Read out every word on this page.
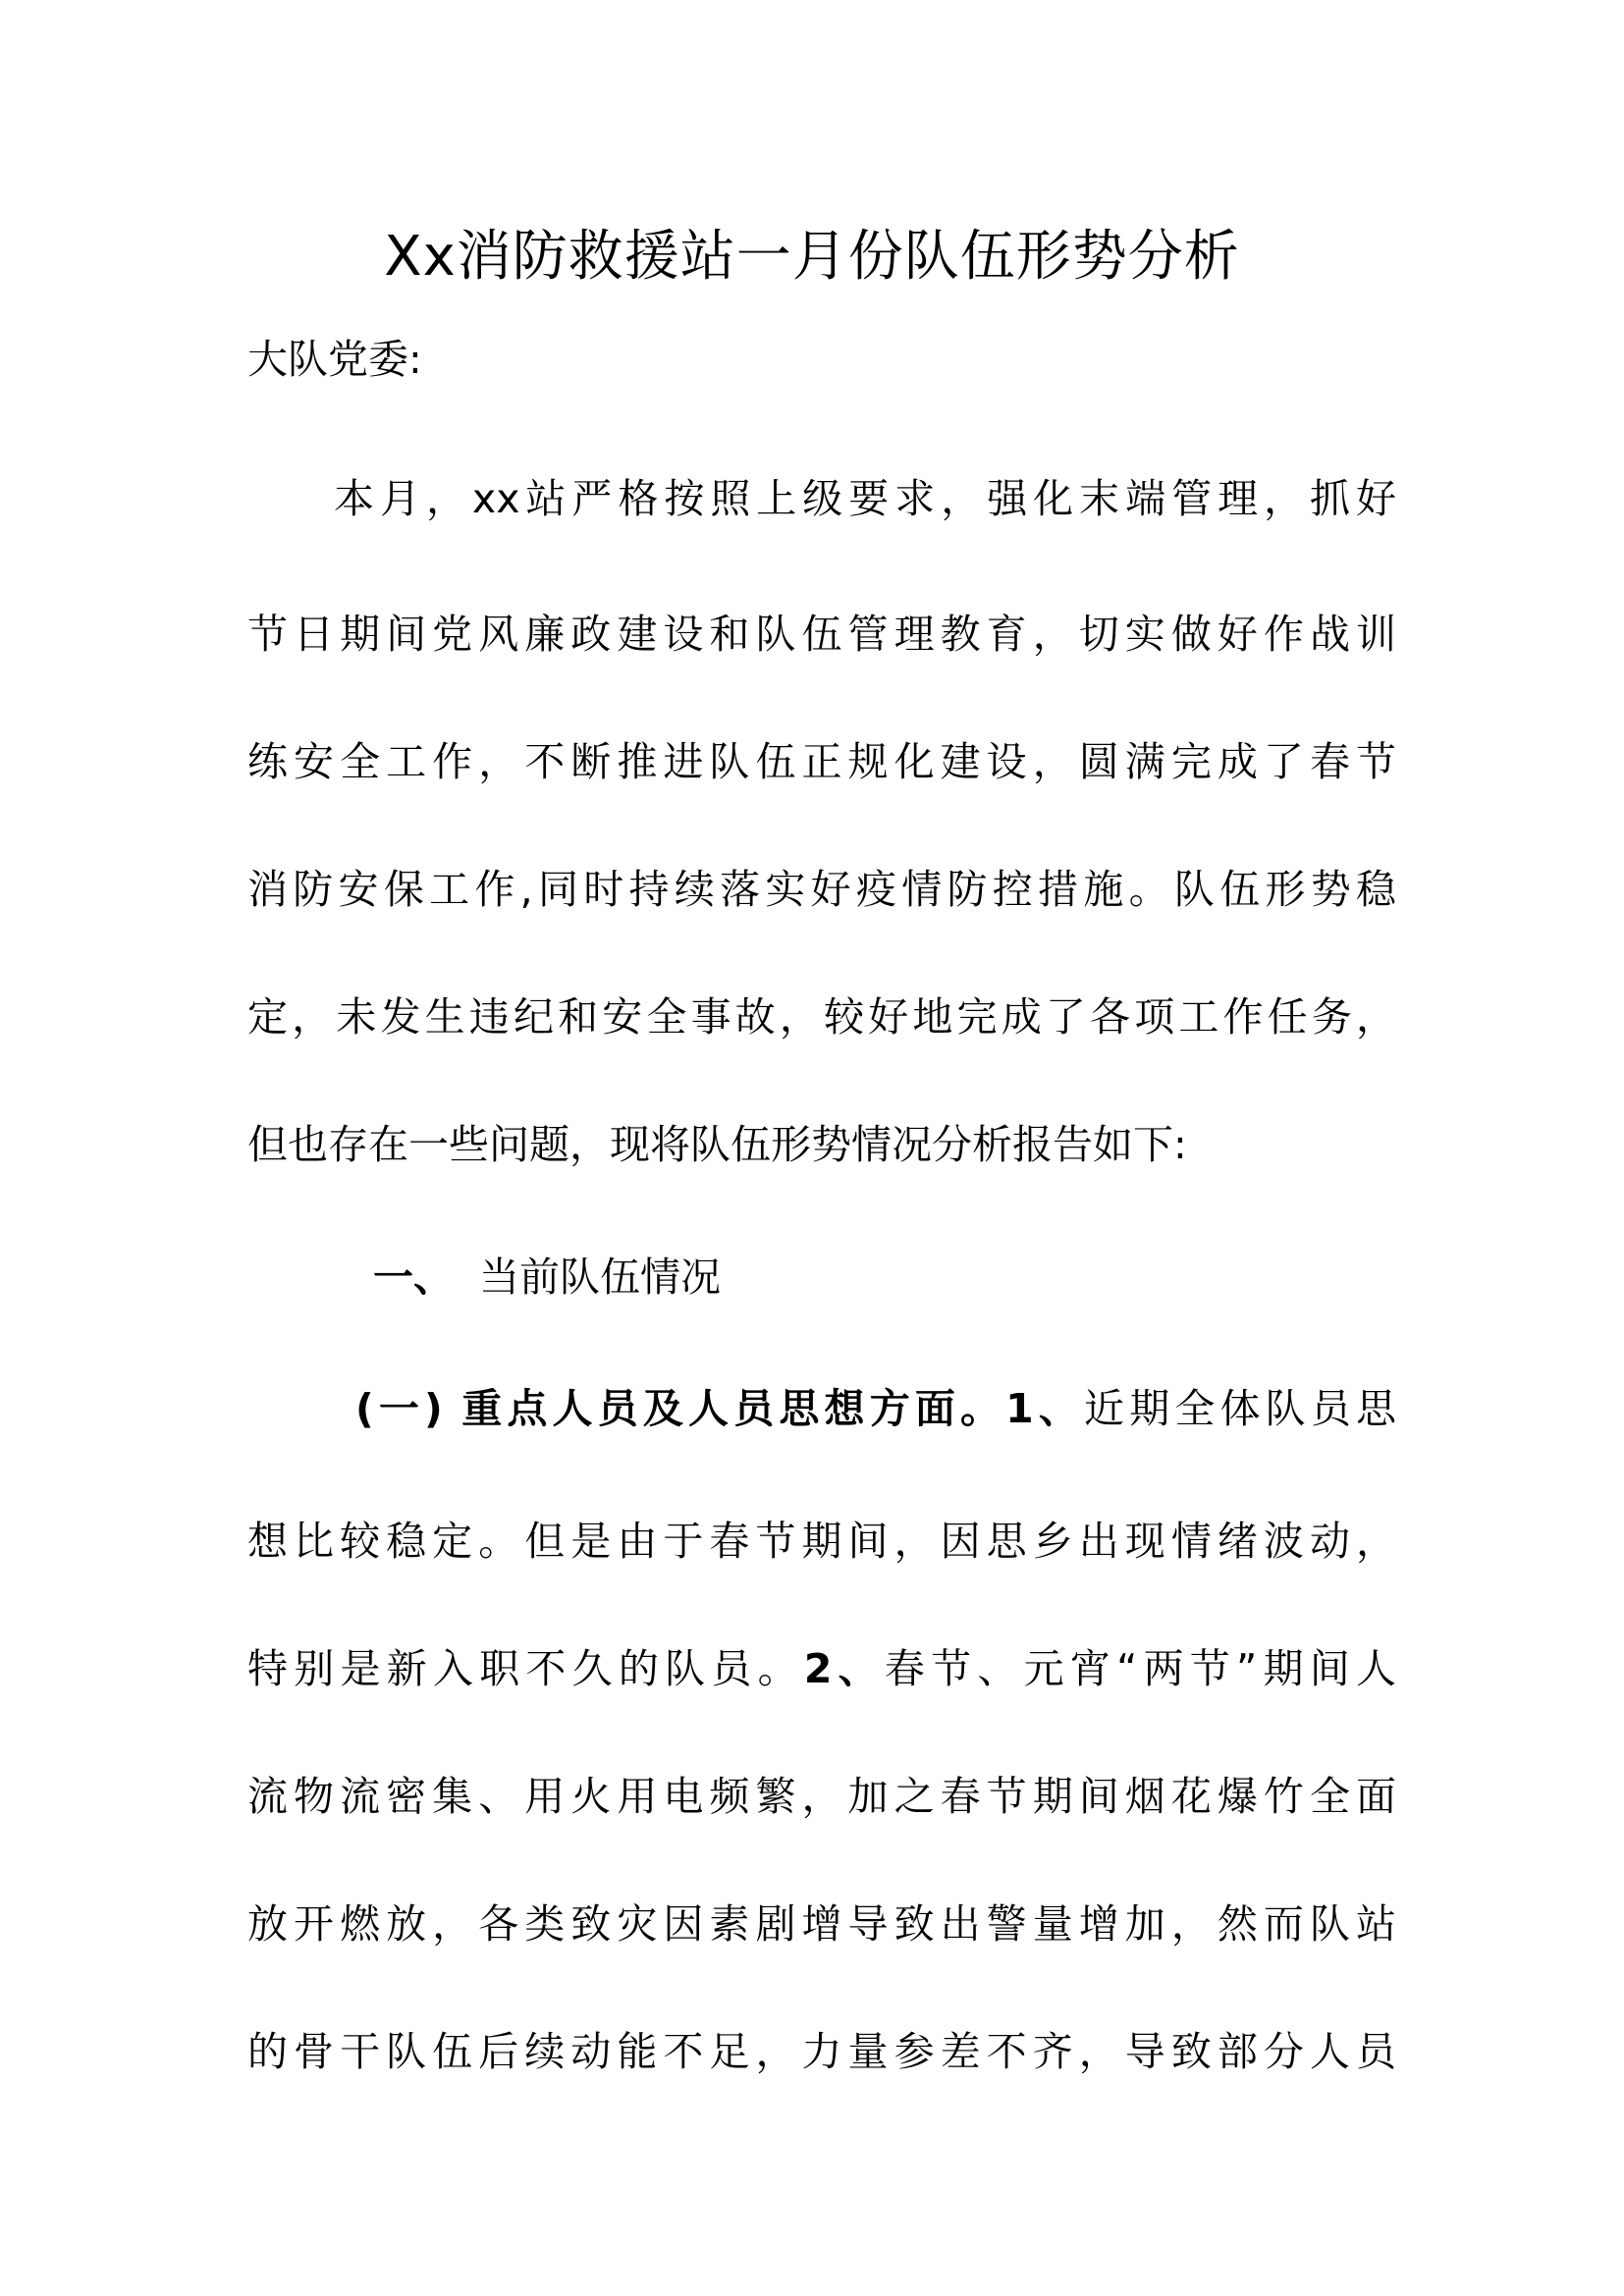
Xx消防救援站一月份队伍形势分析
大队党委:
本月，xx站严格按照上级要求，强化末端管理，抓好
节日期间党风廉政建设和队伍管理教育，切实做好作战训
练安全工作，不断推进队伍正规化建设，圆满完成了春节
消防安保工作,同时持续落实好疫情防控措施。队伍形势稳
定，未发生违纪和安全事故，较好地完成了各项工作任务，
但也存在一些问题，现将队伍形势情况分析报告如下:
一、 当前队伍情况
(一) 重点人员及人员思想方面。1、近期全体队员思
想比较稳定。但是由于春节期间，因思乡出现情绪波动，
特别是新入职不久的队员。2、春节、元宵“两节”期间人
流物流密集、用火用电频繁，加之春节期间烟花爆竹全面
放开燃放，各类致灾因素剧增导致出警量增加，然而队站
的骨干队伍后续动能不足，力量参差不齐，导致部分人员
